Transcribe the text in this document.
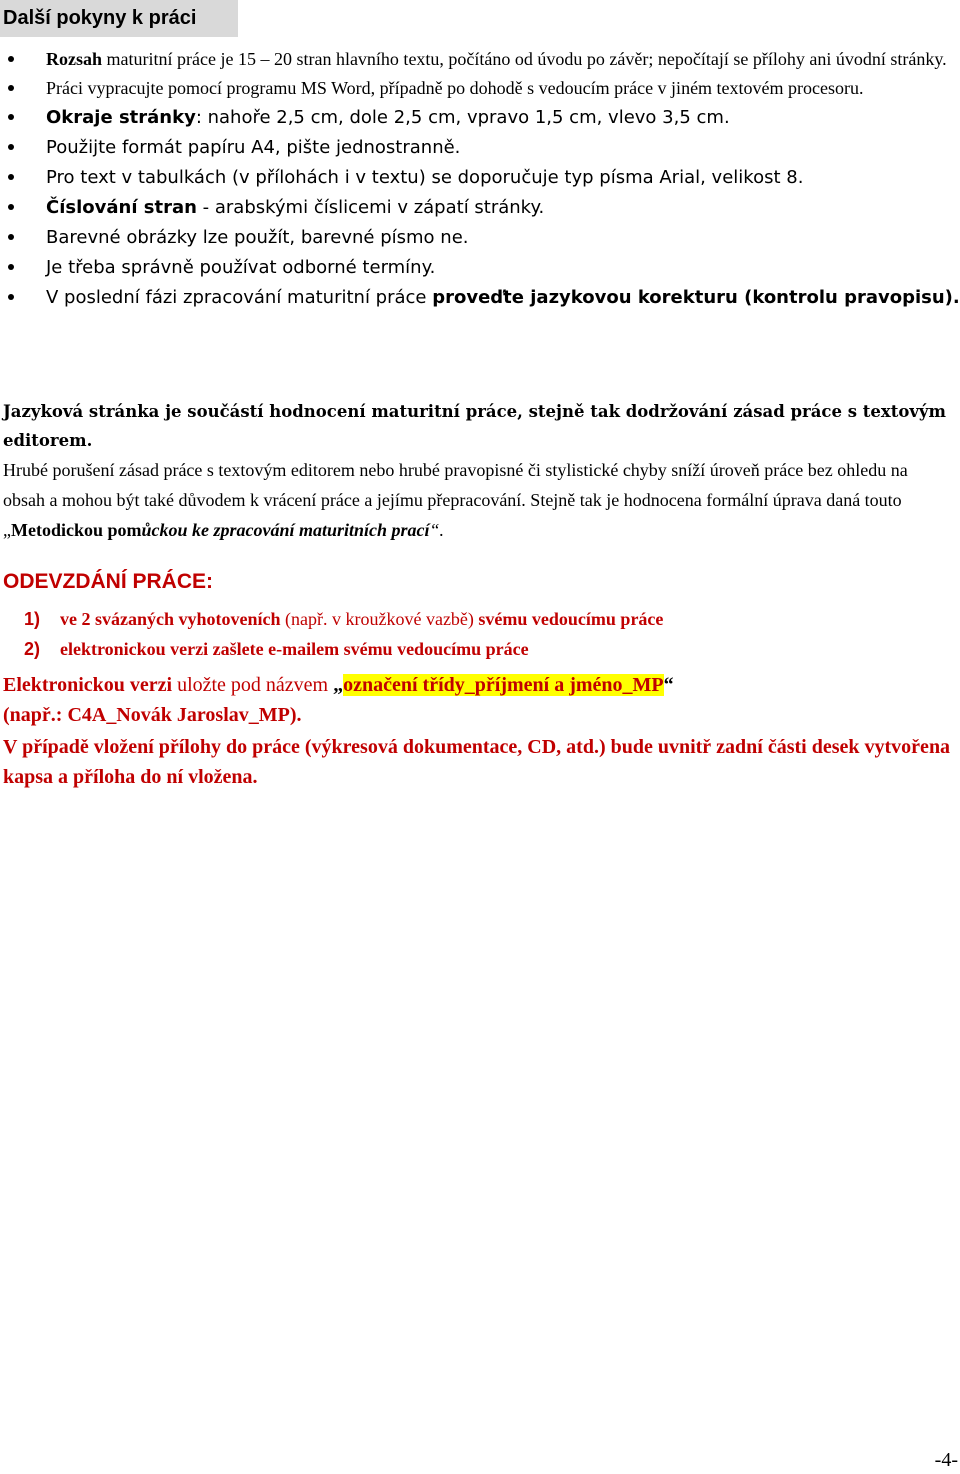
Další pokyny k práci
Rozsah maturitní práce je 15 – 20 stran hlavního textu, počítáno od úvodu po závěr; nepočítají se přílohy ani úvodní stránky.
Práci vypracujte pomocí programu MS Word, případně po dohodě s vedoucím práce v jiném textovém procesoru.
Okraje stránky: nahoře 2,5 cm, dole 2,5 cm, vpravo 1,5 cm, vlevo 3,5 cm.
Použijte formát papíru A4, pište jednostranně.
Pro text v tabulkách (v přílohách i v textu) se doporučuje typ písma Arial, velikost 8.
Číslování stran - arabskými číslicemi v zápatí stránky.
Barevné obrázky lze použít, barevné písmo ne.
Je třeba správně používat odborné termíny.
V poslední fázi zpracování maturitní práce proveďte jazykovou korekturu (kontrolu pravopisu).
Jazyková stránka je součástí hodnocení maturitní práce, stejně tak dodržování zásad práce s textovým editorem.
Hrubé porušení zásad práce s textovým editorem nebo hrubé pravopisné či stylistické chyby sníží úroveň práce bez ohledu na obsah a mohou být také důvodem k vrácení práce a jejímu přepracování. Stejně tak je hodnocena formální úprava daná touto „Metodickou pomůckou ke zpracování maturitních prací“.
ODEVZDÁNÍ PRÁCE:
1) ve 2 svázaných vyhotoveních (např. v kroužkové vazbě) svému vedoucímu práce
2) elektronickou verzi zašlete e-mailem svému vedoucímu práce
Elektronickou verzi uložte pod názvem „označení třídy_příjmení a jméno_MP“
(např.: C4A_Novák Jaroslav_MP).
V případě vložení přílohy do práce (výkresová dokumentace, CD, atd.) bude uvnitř zadní části desek vytvořena kapsa a příloha do ní vložena.
-4-
